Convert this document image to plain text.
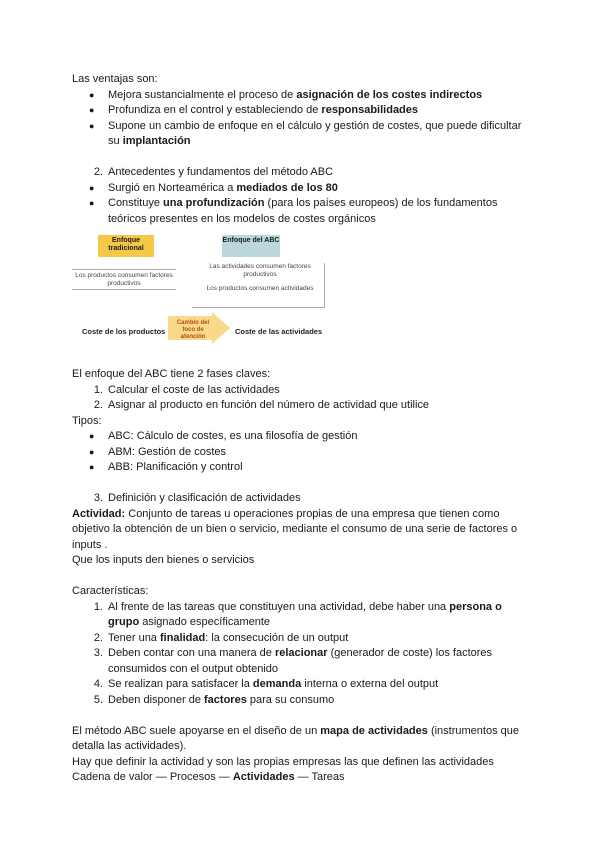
Las ventajas son:

●	Mejora sustancialmente el proceso de asignación de los costes indirectos
●	Profundiza en el control y estableciendo de responsabilidades
●	Supone un cambio de enfoque en el cálculo y gestión de costes, que puede dificultar su implantación
2. Antecedentes y fundamentos del método ABC
●	Surgió en Norteamérica a mediados de los 80
●	Constituye una profundización (para los países europeos) de los fundamentos teóricos presentes en los modelos de costes orgánicos
Enfoque tradicional
Enfoque del ABC
Los productos consumen factores productivos
Las actividades consumen factores productivos
Los productos consumen actividades
Coste de los productos
Cambio del foco de atención
Coste de las actividades

El enfoque del ABC tiene 2 fases claves:

1. Calcular el coste de las actividades
2. Asignar al producto en función del número de actividad que utilice

Tipos:

●	ABC: Cálculo de costes, es una filosofía de gestión
●	ABM: Gestión de costes
●	ABB: Planificación y control
3. Definición y clasificación de actividades

Actividad: Conjunto de tareas u operaciones propias de una empresa que tienen como objetivo la obtención de un bien o servicio, mediante el consumo de una serie de factores o inputs .

Que los inputs den bienes o servicios

Características:

1. Al frente de las tareas que constituyen una actividad, debe haber una persona o grupo asignado específicamente
2. Tener una finalidad: la consecución de un output
3. Deben contar con una manera de relacionar (generador de coste) los factores consumidos con el output obtenido
4. Se realizan para satisfacer la demanda interna o externa del output
5. Deben disponer de factores para su consumo

El método ABC suele apoyarse en el diseño de un mapa de actividades (instrumentos que detalla las actividades).

Hay que definir la actividad y son las propias empresas las que definen las actividades

Cadena de valor — Procesos — Actividades — Tareas
